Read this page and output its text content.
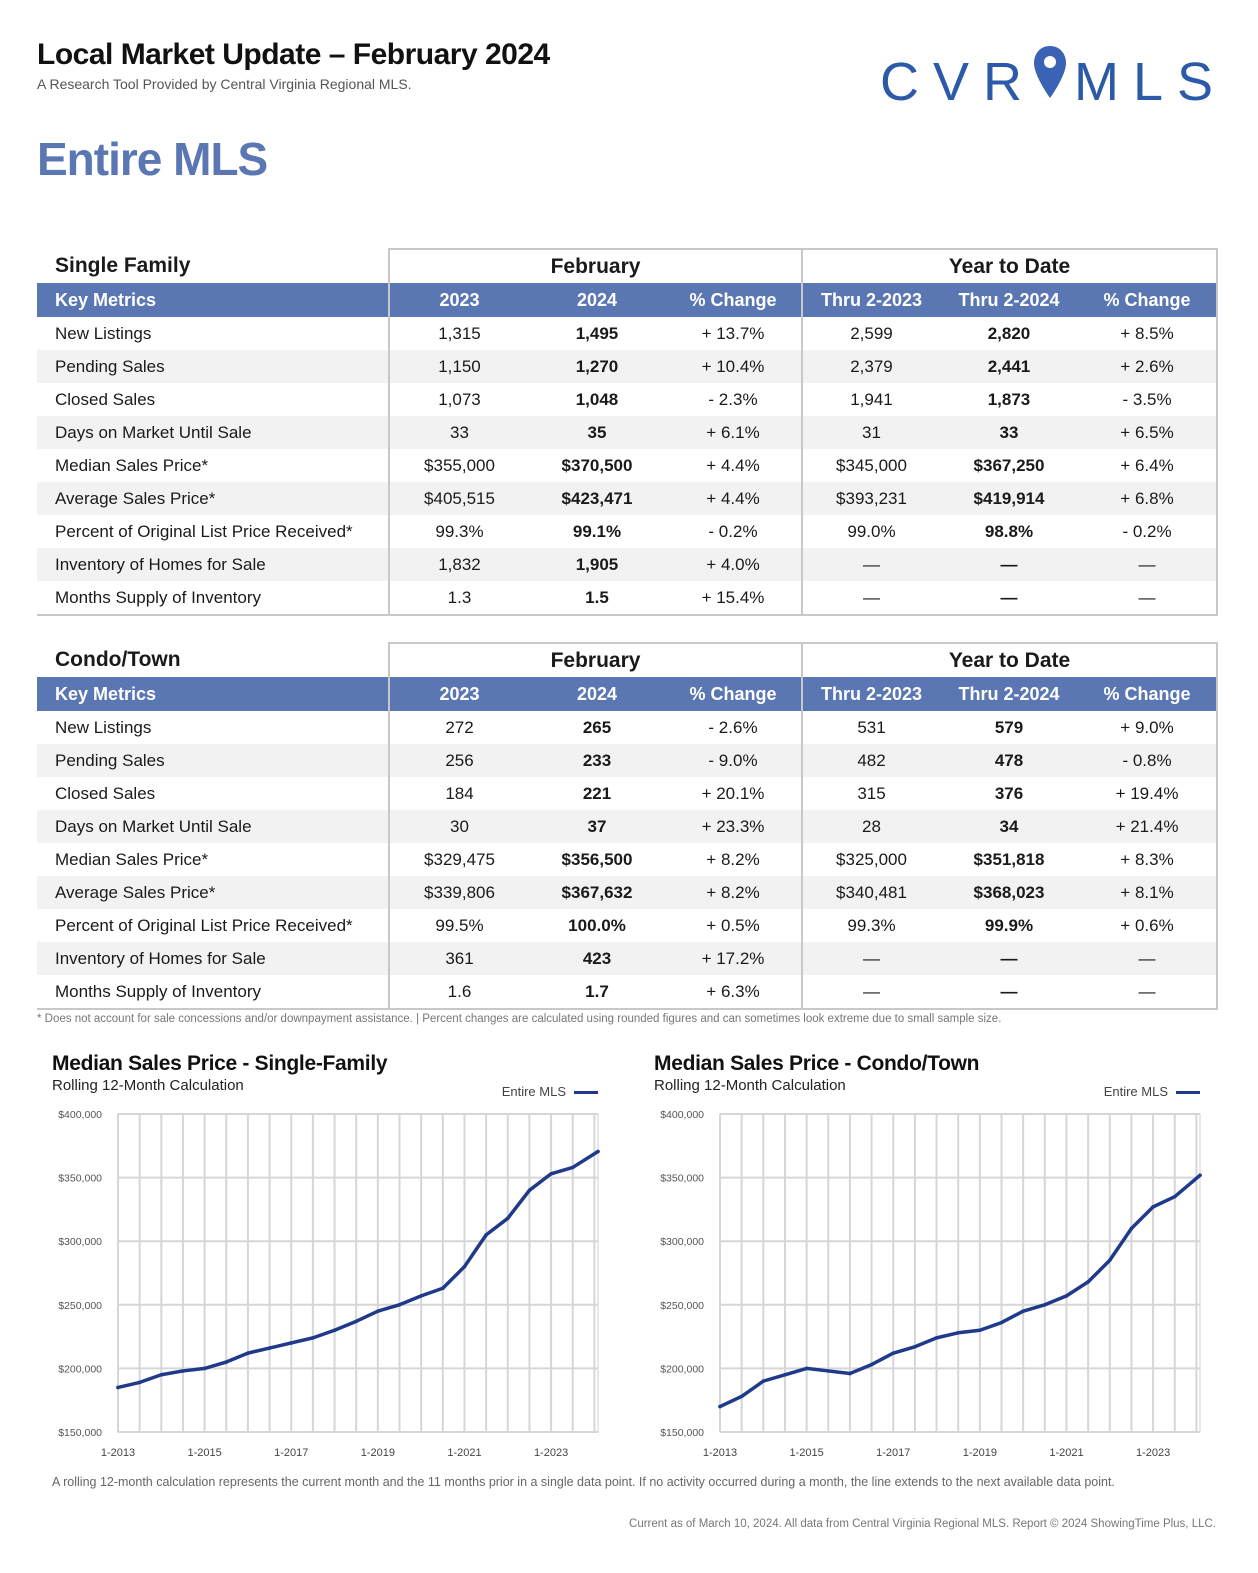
Local Market Update – February 2024
A Research Tool Provided by Central Virginia Regional MLS.	CVR MLS
Entire MLS
Single Family	February			Year to Date		
Key Metrics	2023	2024	% Change	Thru 2-2023	Thru 2-2024	% Change
New Listings	1,315	1,495	+ 13.7%	2,599	2,820	+ 8.5%
Pending Sales	1,150	1,270	+ 10.4%	2,379	2,441	+ 2.6%
Closed Sales	1,073	1,048	- 2.3%	1,941	1,873	- 3.5%
Days on Market Until Sale	33	35	+ 6.1%	31	33	+ 6.5%
Median Sales Price*	$355,000	$370,500	+ 4.4%	$345,000	$367,250	+ 6.4%
Average Sales Price*	$405,515	$423,471	+ 4.4%	$393,231	$419,914	+ 6.8%
Percent of Original List Price Received*	99.3%	99.1%	- 0.2%	99.0%	98.8%	- 0.2%
Inventory of Homes for Sale	1,832	1,905	+ 4.0%	—	—	—
Months Supply of Inventory	1.3	1.5	+ 15.4%	—	—	—
Condo/Town	February			Year to Date		
Key Metrics	2023	2024	% Change	Thru 2-2023	Thru 2-2024	% Change
New Listings	272	265	- 2.6%	531	579	+ 9.0%
Pending Sales	256	233	- 9.0%	482	478	- 0.8%
Closed Sales	184	221	+ 20.1%	315	376	+ 19.4%
Days on Market Until Sale	30	37	+ 23.3%	28	34	+ 21.4%
Median Sales Price*	$329,475	$356,500	+ 8.2%	$325,000	$351,818	+ 8.3%
Average Sales Price*	$339,806	$367,632	+ 8.2%	$340,481	$368,023	+ 8.1%
Percent of Original List Price Received*	99.5%	100.0%	+ 0.5%	99.3%	99.9%	+ 0.6%
Inventory of Homes for Sale	361	423	+ 17.2%	—	—	—
Months Supply of Inventory	1.6	1.7	+ 6.3%	—	—	—
* Does not account for sale concessions and/or downpayment assistance. | Percent changes are calculated using rounded figures and can sometimes look extreme due to small sample size.
Median Sales Price - Single-Family
Rolling 12-Month Calculation	Entire MLS
$150,000
$200,000
$250,000
$300,000
$350,000
$400,000
1-2013	1-2015	1-2017	1-2019	1-2021	1-2023
Median Sales Price - Condo/Town
Rolling 12-Month Calculation	Entire MLS
$150,000
$200,000
$250,000
$300,000
$350,000
$400,000
1-2013	1-2015	1-2017	1-2019	1-2021	1-2023
A rolling 12-month calculation represents the current month and the 11 months prior in a single data point. If no activity occurred during a month, the line extends to the next available data point.
Current as of March 10, 2024. All data from Central Virginia Regional MLS. Report © 2024 ShowingTime Plus, LLC.
